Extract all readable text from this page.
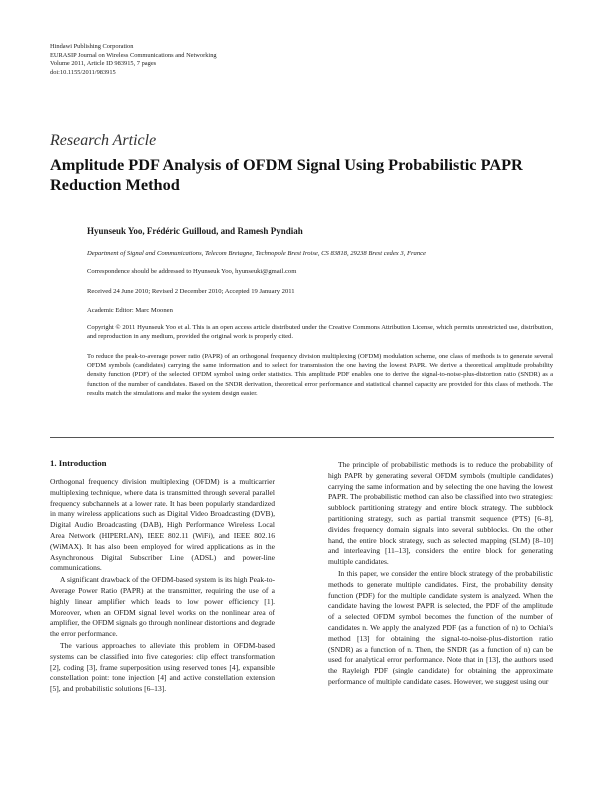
Hindawi Publishing Corporation
EURASIP Journal on Wireless Communications and Networking
Volume 2011, Article ID 983915, 7 pages
doi:10.1155/2011/983915
Research Article
Amplitude PDF Analysis of OFDM Signal Using Probabilistic PAPR Reduction Method
Hyunseuk Yoo, Frédéric Guilloud, and Ramesh Pyndiah
Department of Signal and Communications, Telecom Bretagne, Technopole Brest Iroise, CS 83818, 29238 Brest cedex 3, France
Correspondence should be addressed to Hyunseuk Yoo, hyunseuki@gmail.com
Received 24 June 2010; Revised 2 December 2010; Accepted 19 January 2011
Academic Editor: Marc Moonen
Copyright © 2011 Hyunseuk Yoo et al. This is an open access article distributed under the Creative Commons Attribution License, which permits unrestricted use, distribution, and reproduction in any medium, provided the original work is properly cited.
To reduce the peak-to-average power ratio (PAPR) of an orthogonal frequency division multiplexing (OFDM) modulation scheme, one class of methods is to generate several OFDM symbols (candidates) carrying the same information and to select for transmission the one having the lowest PAPR. We derive a theoretical amplitude probability density function (PDF) of the selected OFDM symbol using order statistics. This amplitude PDF enables one to derive the signal-to-noise-plus-distortion ratio (SNDR) as a function of the number of candidates. Based on the SNDR derivation, theoretical error performance and statistical channel capacity are provided for this class of methods. The results match the simulations and make the system design easier.
1. Introduction

Orthogonal frequency division multiplexing (OFDM) is a multicarrier multiplexing technique, where data is transmitted through several parallel frequency subchannels at a lower rate. It has been popularly standardized in many wireless applications such as Digital Video Broadcasting (DVB), Digital Audio Broadcasting (DAB), High Performance Wireless Local Area Network (HIPERLAN), IEEE 802.11 (WiFi), and IEEE 802.16 (WiMAX). It has also been employed for wired applications as in the Asynchronous Digital Subscriber Line (ADSL) and power-line communications.

A significant drawback of the OFDM-based system is its high Peak-to-Average Power Ratio (PAPR) at the transmitter, requiring the use of a highly linear amplifier which leads to low power efficiency [1]. Moreover, when an OFDM signal level works on the nonlinear area of amplifier, the OFDM signals go through nonlinear distortions and degrade the error performance.

The various approaches to alleviate this problem in OFDM-based systems can be classified into five categories: clip effect transformation [2], coding [3], frame superposition using reserved tones [4], expansible constellation point: tone injection [4] and active constellation extension [5], and probabilistic solutions [6–13].

The principle of probabilistic methods is to reduce the probability of high PAPR by generating several OFDM symbols (multiple candidates) carrying the same information and by selecting the one having the lowest PAPR. The probabilistic method can also be classified into two strategies: subblock partitioning strategy and entire block strategy. The subblock partitioning strategy, such as partial transmit sequence (PTS) [6–8], divides frequency domain signals into several subblocks. On the other hand, the entire block strategy, such as selected mapping (SLM) [8–10] and interleaving [11–13], considers the entire block for generating multiple candidates.

In this paper, we consider the entire block strategy of the probabilistic methods to generate multiple candidates. First, the probability density function (PDF) for the multiple candidate system is analyzed. When the candidate having the lowest PAPR is selected, the PDF of the amplitude of a selected OFDM symbol becomes the function of the number of candidates n. We apply the analyzed PDF (as a function of n) to Ochiai's method [13] for obtaining the signal-to-noise-plus-distortion ratio (SNDR) as a function of n. Then, the SNDR (as a function of n) can be used for analytical error performance. Note that in [13], the authors used the Rayleigh PDF (single candidate) for obtaining the approximate performance of multiple candidate cases. However, we suggest using our
